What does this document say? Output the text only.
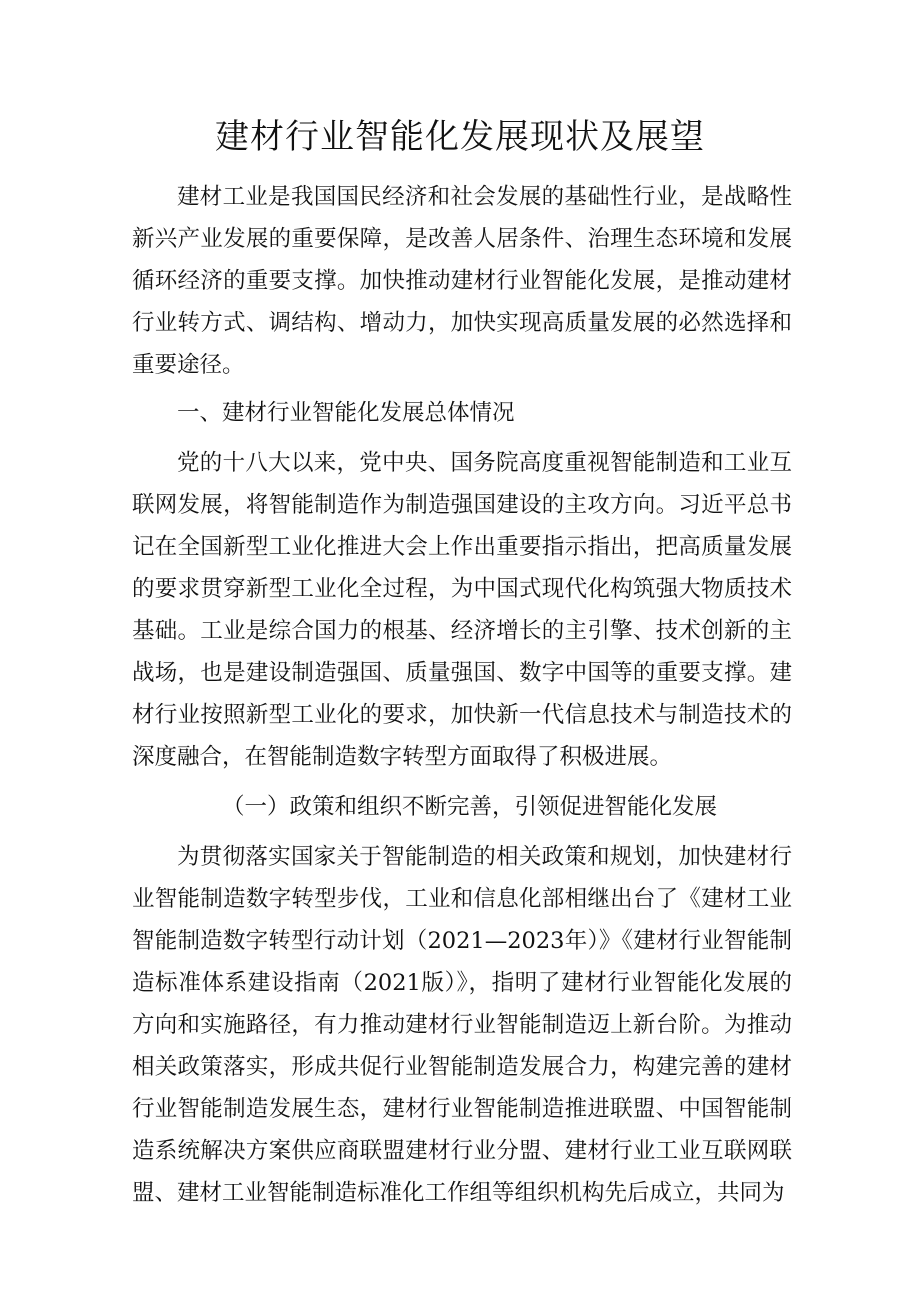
建材行业智能化发展现状及展望

建材工业是我国国民经济和社会发展的基础性行业，是战略性新兴产业发展的重要保障，是改善人居条件、治理生态环境和发展循环经济的重要支撑。加快推动建材行业智能化发展，是推动建材行业转方式、调结构、增动力，加快实现高质量发展的必然选择和重要途径。

一、建材行业智能化发展总体情况

党的十八大以来，党中央、国务院高度重视智能制造和工业互联网发展，将智能制造作为制造强国建设的主攻方向。习近平总书记在全国新型工业化推进大会上作出重要指示指出，把高质量发展的要求贯穿新型工业化全过程，为中国式现代化构筑强大物质技术基础。工业是综合国力的根基、经济增长的主引擎、技术创新的主战场，也是建设制造强国、质量强国、数字中国等的重要支撑。建材行业按照新型工业化的要求，加快新一代信息技术与制造技术的深度融合，在智能制造数字转型方面取得了积极进展。

（一）政策和组织不断完善，引领促进智能化发展

为贯彻落实国家关于智能制造的相关政策和规划，加快建材行业智能制造数字转型步伐，工业和信息化部相继出台了《建材工业智能制造数字转型行动计划（2021—2023年）》《建材行业智能制造标准体系建设指南（2021版）》，指明了建材行业智能化发展的方向和实施路径，有力推动建材行业智能制造迈上新台阶。为推动相关政策落实，形成共促行业智能制造发展合力，构建完善的建材行业智能制造发展生态，建材行业智能制造推进联盟、中国智能制造系统解决方案供应商联盟建材行业分盟、建材行业工业互联网联盟、建材工业智能制造标准化工作组等组织机构先后成立，共同为
